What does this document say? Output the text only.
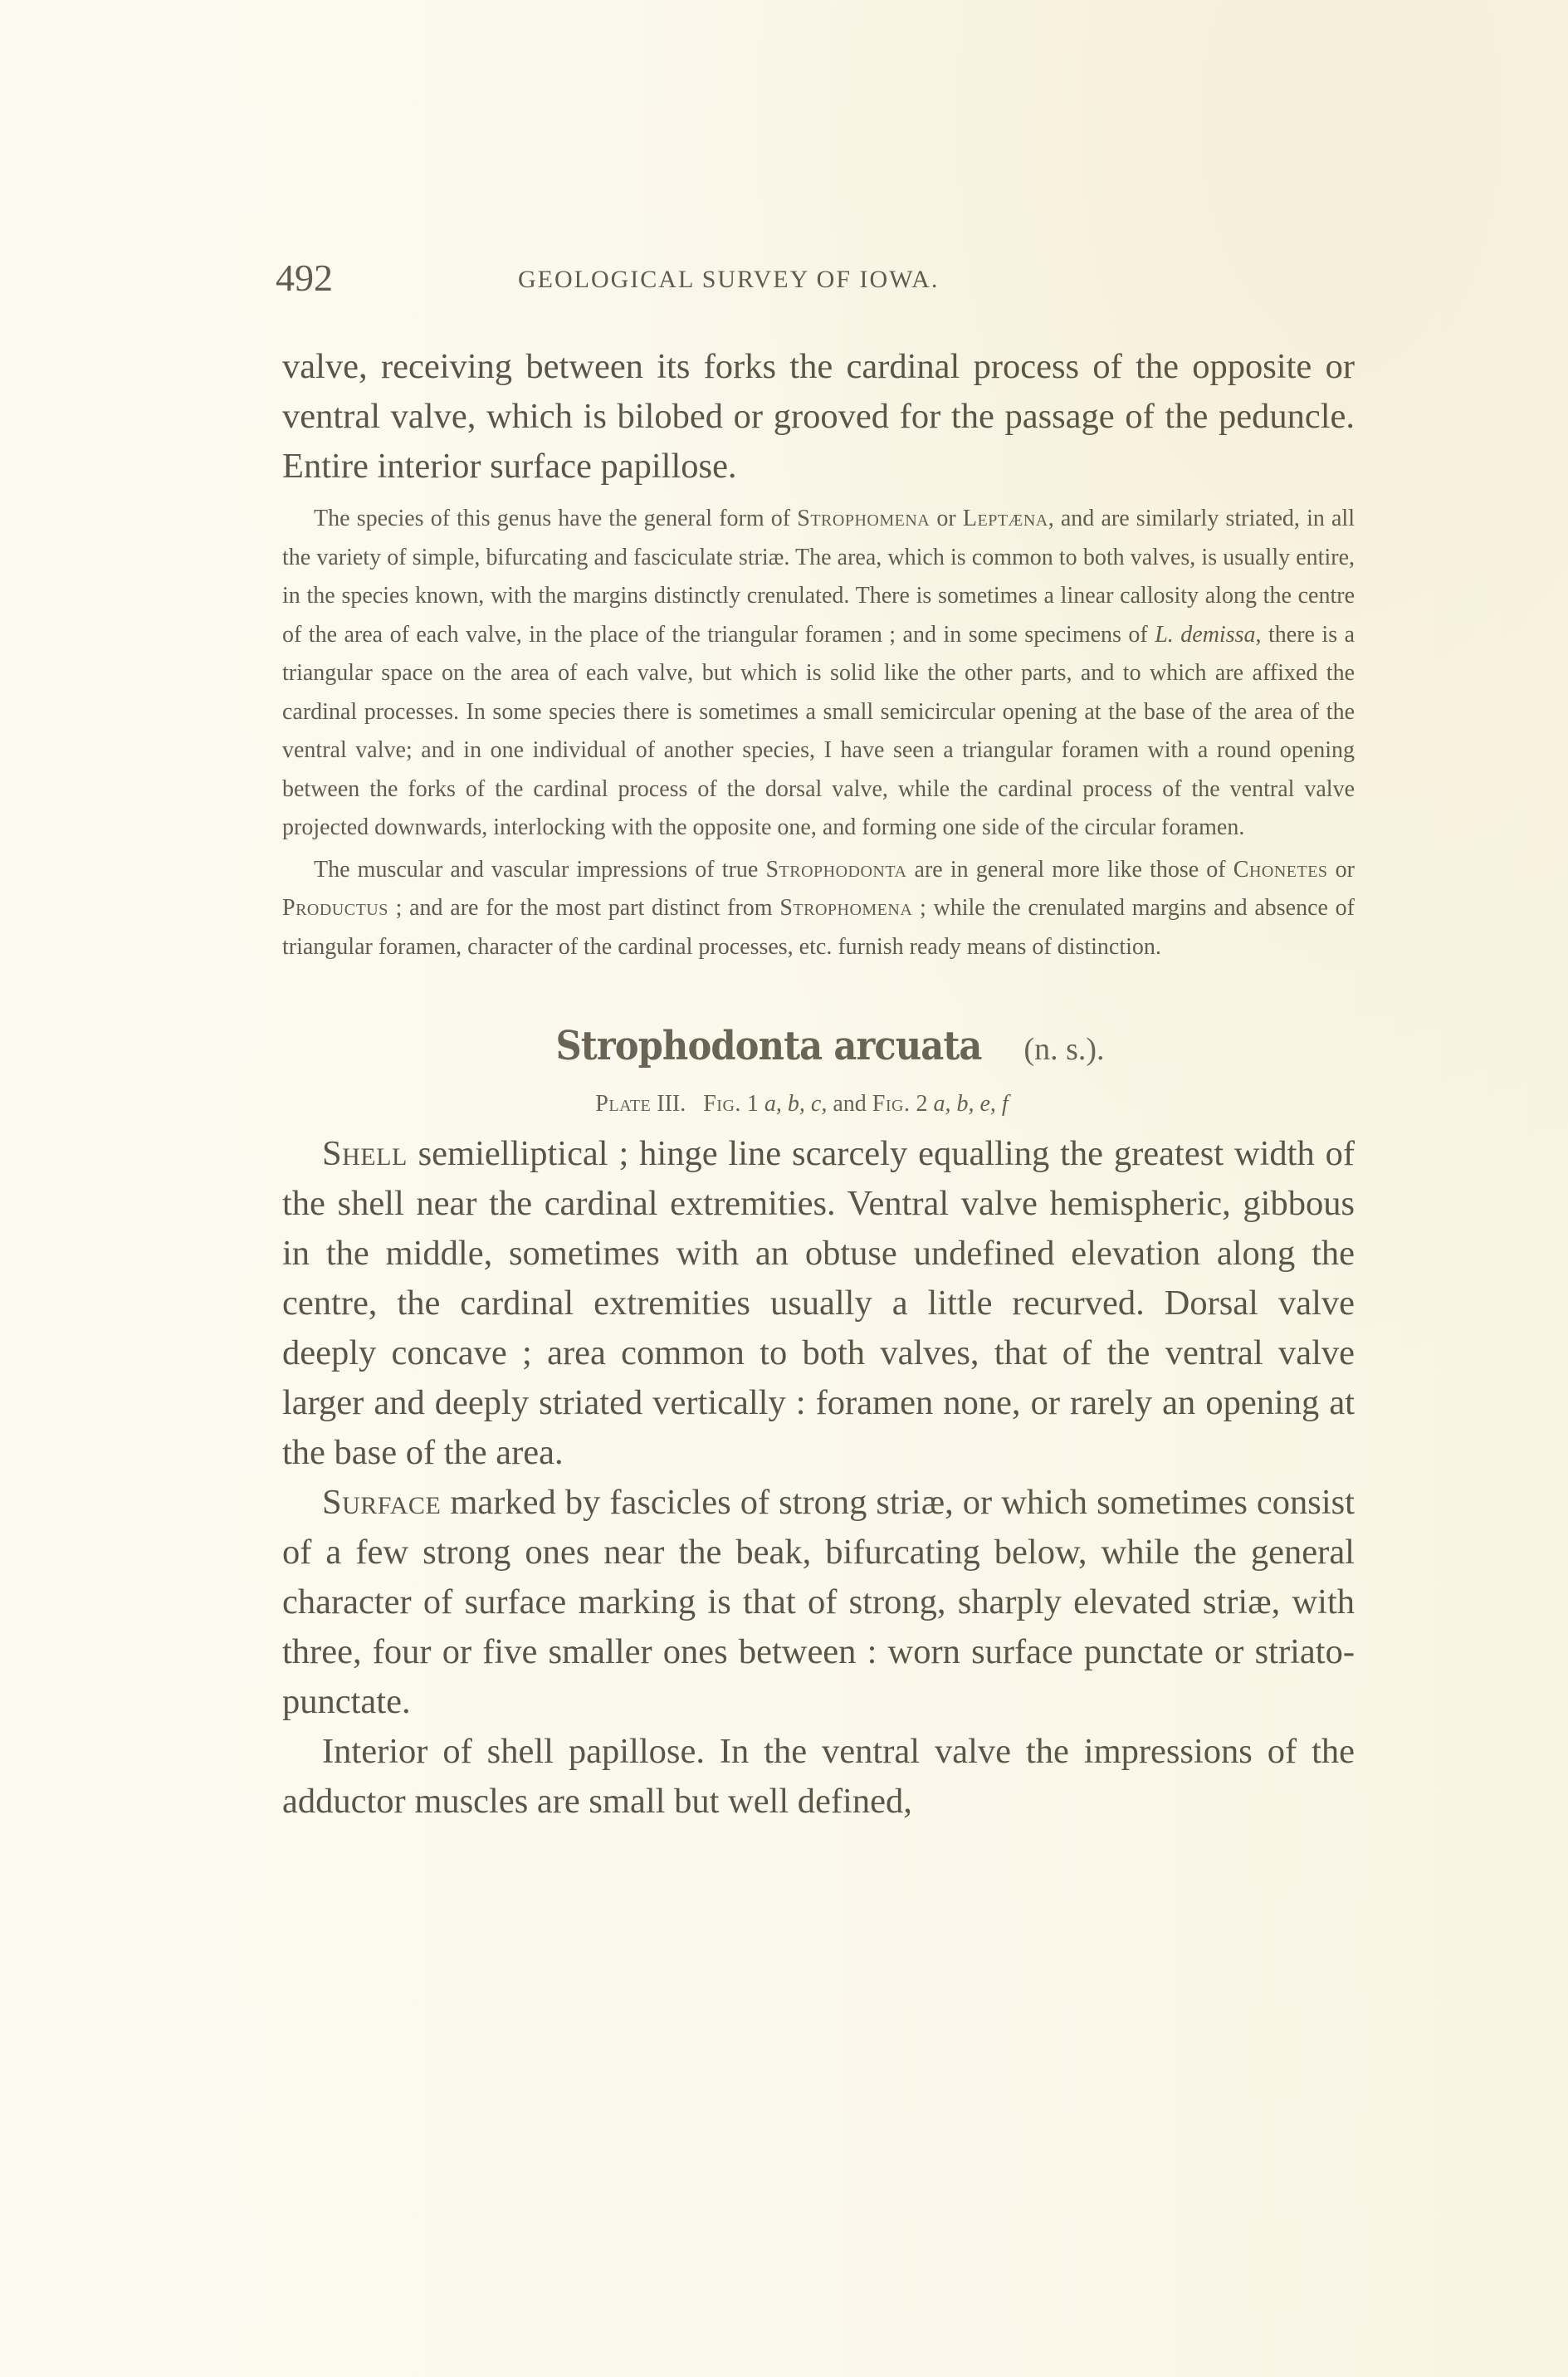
492	GEOLOGICAL SURVEY OF IOWA.

valve, receiving between its forks the cardinal process of the opposite or ventral valve, which is bilobed or grooved for the passage of the peduncle. Entire interior surface papillose.

The species of this genus have the general form of Strophomena or Leptæna, and are similarly striated, in all the variety of simple, bifurcating and fasciculate striæ. The area, which is common to both valves, is usually entire, in the species known, with the margins distinctly crenulated. There is sometimes a linear callosity along the centre of the area of each valve, in the place of the triangular foramen ; and in some specimens of L. demissa, there is a triangular space on the area of each valve, but which is solid like the other parts, and to which are affixed the cardinal processes. In some species there is sometimes a small semicircular opening at the base of the area of the ventral valve; and in one individual of another species, I have seen a triangular foramen with a round opening between the forks of the cardinal process of the dorsal valve, while the cardinal process of the ventral valve projected downwards, interlocking with the opposite one, and forming one side of the circular foramen.

The muscular and vascular impressions of true Strophodonta are in general more like those of Chonetes or Productus ; and are for the most part distinct from Strophomena ; while the crenulated margins and absence of triangular foramen, character of the cardinal processes, etc. furnish ready means of distinction.

Strophodonta arcuata (n. s.).
Plate III. Fig. 1 a, b, c, and Fig. 2 a, b, e, f

Shell semielliptical ; hinge line scarcely equalling the greatest width of the shell near the cardinal extremities. Ventral valve hemispheric, gibbous in the middle, sometimes with an obtuse undefined elevation along the centre, the cardinal extremities usually a little recurved. Dorsal valve deeply concave ; area common to both valves, that of the ventral valve larger and deeply striated vertically : foramen none, or rarely an opening at the base of the area.

Surface marked by fascicles of strong striæ, or which sometimes consist of a few strong ones near the beak, bifurcating below, while the general character of surface marking is that of strong, sharply elevated striæ, with three, four or five smaller ones between : worn surface punctate or striato-punctate.

Interior of shell papillose. In the ventral valve the impressions of the adductor muscles are small but well defined,
